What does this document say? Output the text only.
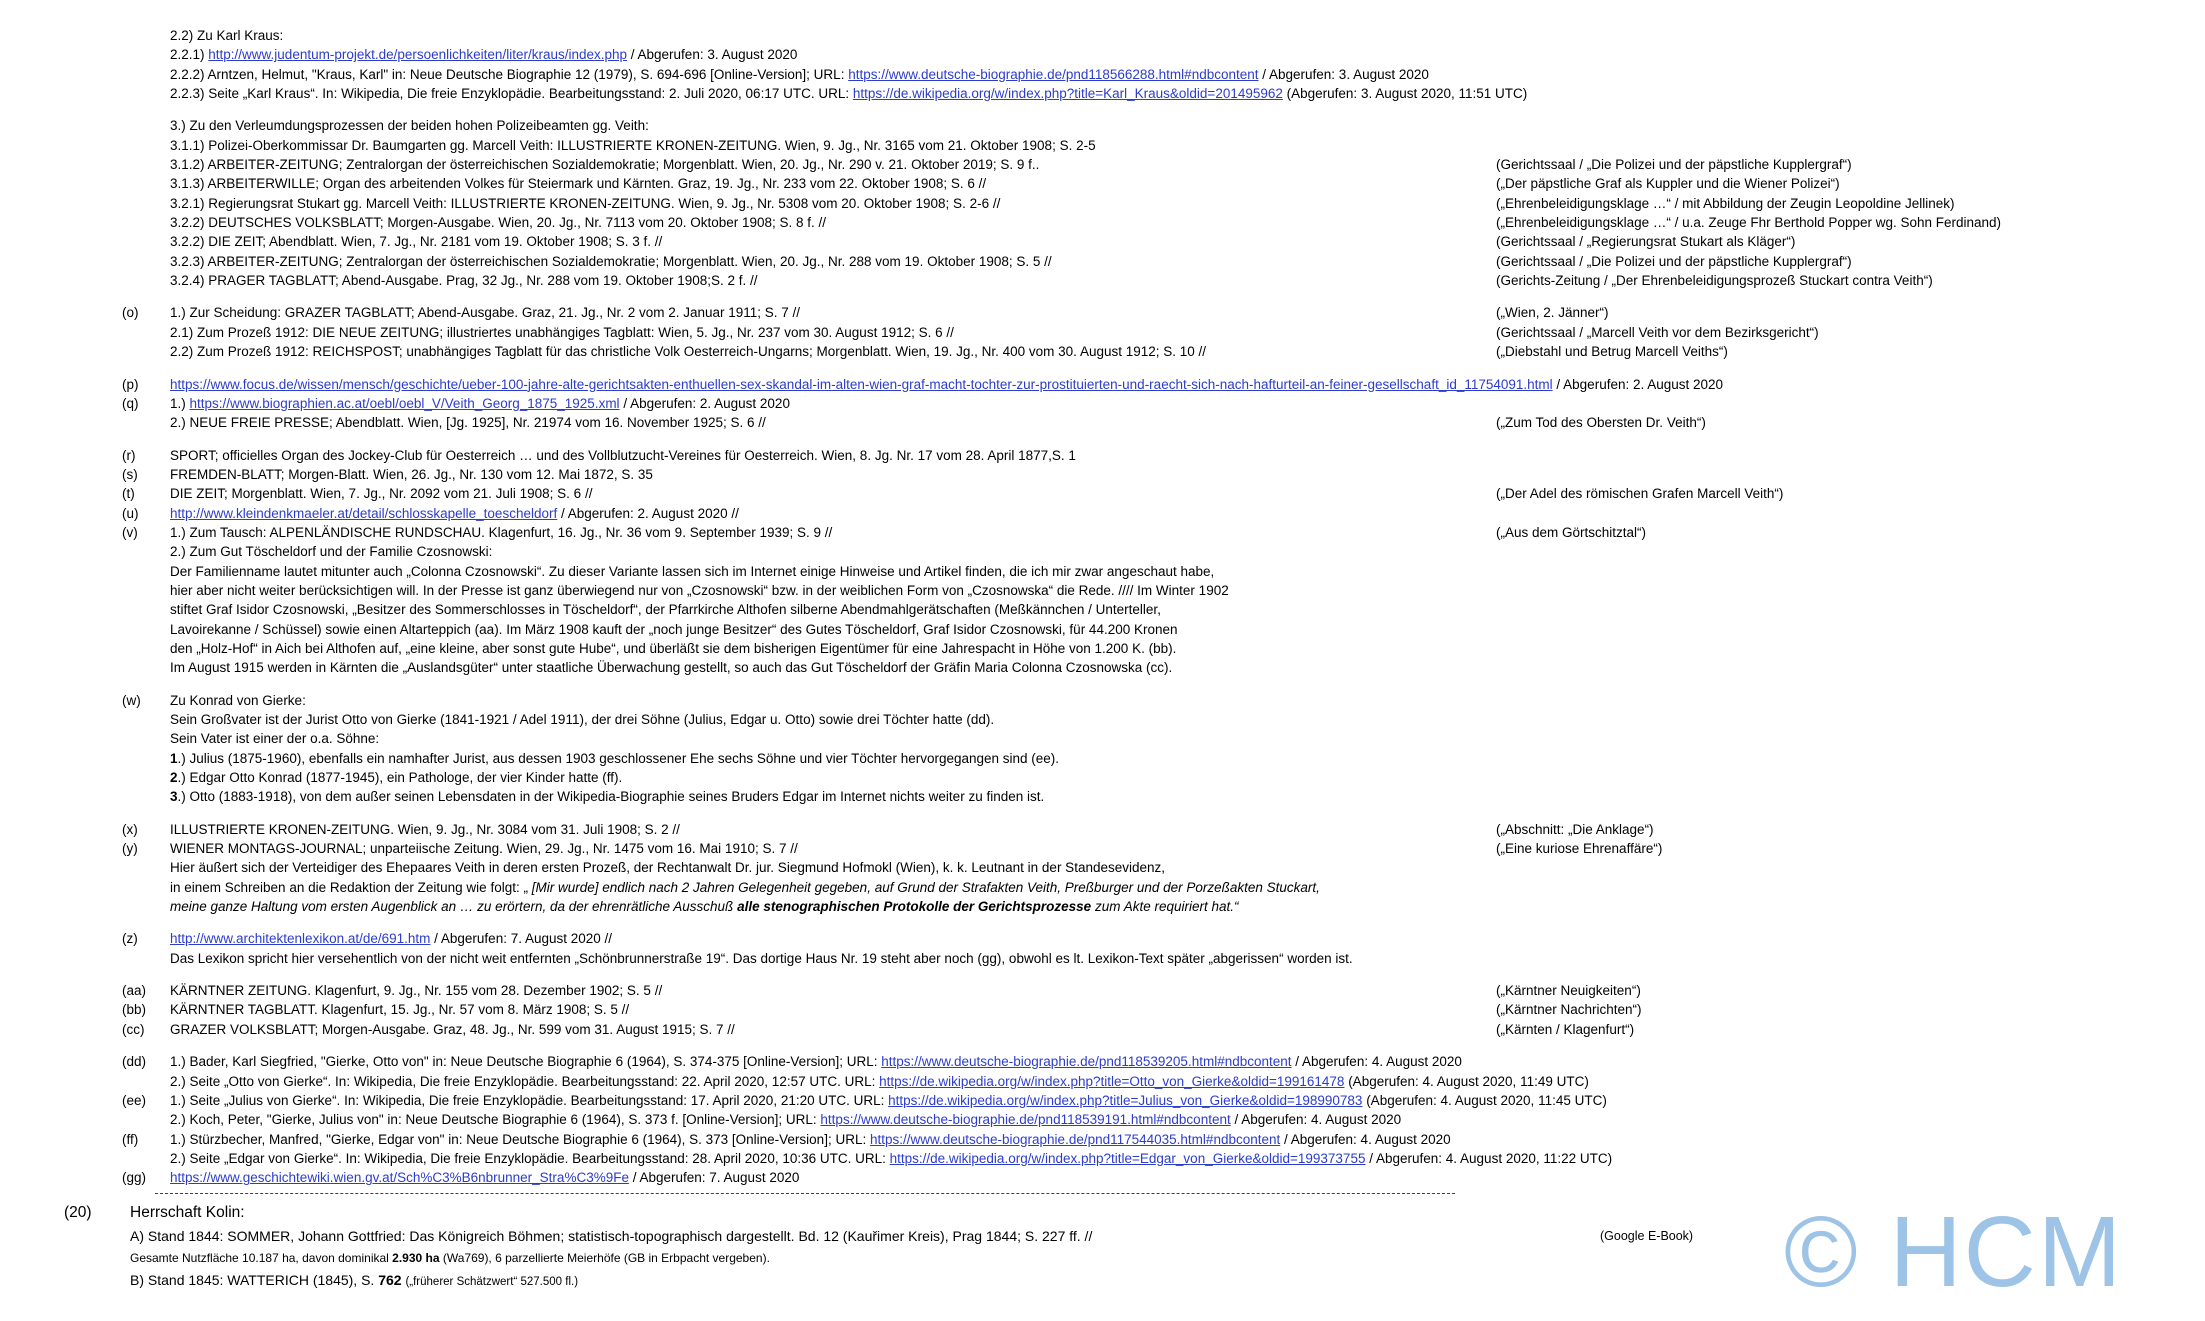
2.2) Zu Karl Kraus:
2.2.1) http://www.judentum-projekt.de/persoenlichkeiten/liter/kraus/index.php / Abgerufen: 3. August 2020
2.2.2) Arntzen, Helmut, "Kraus, Karl" in: Neue Deutsche Biographie 12 (1979), S. 694-696 [Online-Version]; URL: https://www.deutsche-biographie.de/pnd118566288.html#ndbcontent / Abgerufen: 3. August 2020
2.2.3) Seite „Karl Kraus“. In: Wikipedia, Die freie Enzyklopädie. Bearbeitungsstand: 2. Juli 2020, 06:17 UTC. URL: https://de.wikipedia.org/w/index.php?title=Karl_Kraus&oldid=201495962 (Abgerufen: 3. August 2020, 11:51 UTC)
3.) Zu den Verleumdungsprozessen der beiden hohen Polizeibeamten gg. Veith:
3.1.1) Polizei-Oberkommissar Dr. Baumgarten gg. Marcell Veith: ILLUSTRIERTE KRONEN-ZEITUNG. Wien, 9. Jg., Nr. 3165 vom 21. Oktober 1908; S. 2-5
3.1.2) ARBEITER-ZEITUNG; Zentralorgan der österreichischen Sozialdemokratie; Morgenblatt. Wien, 20. Jg., Nr. 290 v. 21. Oktober 2019; S. 9 f..	(Gerichtssaal / „Die Polizei und der päpstliche Kupplergraf“)
3.1.3) ARBEITERWILLE; Organ des arbeitenden Volkes für Steiermark und Kärnten. Graz, 19. Jg., Nr. 233 vom 22. Oktober 1908; S. 6 //	(„Der päpstliche Graf als Kuppler und die Wiener Polizei“)
3.2.1) Regierungsrat Stukart gg. Marcell Veith: ILLUSTRIERTE KRONEN-ZEITUNG. Wien, 9. Jg., Nr. 5308 vom 20. Oktober 1908; S. 2-6 //	(„Ehrenbeleidigungsklage …“ / mit Abbildung der Zeugin Leopoldine Jellinek)
3.2.2) DEUTSCHES VOLKSBLATT; Morgen-Ausgabe. Wien, 20. Jg., Nr. 7113 vom 20. Oktober 1908; S. 8 f. //	(„Ehrenbeleidigungsklage …“ / u.a. Zeuge Fhr Berthold Popper wg. Sohn Ferdinand)
3.2.2) DIE ZEIT; Abendblatt. Wien, 7. Jg., Nr. 2181 vom 19. Oktober 1908; S. 3 f. //	(Gerichtssaal / „Regierungsrat Stukart als Kläger“)
3.2.3) ARBEITER-ZEITUNG; Zentralorgan der österreichischen Sozialdemokratie; Morgenblatt. Wien, 20. Jg., Nr. 288 vom 19. Oktober 1908; S. 5 //	(Gerichtssaal / „Die Polizei und der päpstliche Kupplergraf“)
3.2.4) PRAGER TAGBLATT; Abend-Ausgabe. Prag, 32 Jg., Nr. 288 vom 19. Oktober 1908;S. 2 f. //	(Gerichts-Zeitung / „Der Ehrenbeleidigungsprozeß Stuckart contra Veith“)
(o) 1.) Zur Scheidung: GRAZER TAGBLATT; Abend-Ausgabe. Graz, 21. Jg., Nr. 2 vom 2. Januar 1911; S. 7 //	(„Wien, 2. Jänner“)
2.1) Zum Prozeß 1912: DIE NEUE ZEITUNG; illustriertes unabhängiges Tagblatt: Wien, 5. Jg., Nr. 237 vom 30. August 1912; S. 6 //	(Gerichtssaal / „Marcell Veith vor dem Bezirksgericht“)
2.2) Zum Prozeß 1912: REICHSPOST; unabhängiges Tagblatt für das christliche Volk Oesterreich-Ungarns; Morgenblatt. Wien, 19. Jg., Nr. 400 vom 30. August 1912; S. 10 //	(„Diebstahl und Betrug Marcell Veiths“)
(p) https://www.focus.de/wissen/mensch/geschichte/ueber-100-jahre-alte-gerichtsakten-enthuellen-sex-skandal-im-alten-wien-graf-macht-tochter-zur-prostituierten-und-raecht-sich-nach-hafturteil-an-feiner-gesellschaft_id_11754091.html / Abgerufen: 2. August 2020
(q) 1.) https://www.biographien.ac.at/oebl/oebl_V/Veith_Georg_1875_1925.xml / Abgerufen: 2. August 2020
2.) NEUE FREIE PRESSE; Abendblatt. Wien, [Jg. 1925], Nr. 21974 vom 16. November 1925; S. 6 //	(„Zum Tod des Obersten Dr. Veith“)
(r)	SPORT; officielles Organ des Jockey-Club für Oesterreich … und des Vollblutzucht-Vereines für Oesterreich. Wien, 8. Jg. Nr. 17 vom 28. April 1877,S. 1
(s) FREMDEN-BLATT; Morgen-Blatt. Wien, 26. Jg., Nr. 130 vom 12. Mai 1872, S. 35
(t)	DIE ZEIT; Morgenblatt. Wien, 7. Jg., Nr. 2092 vom 21. Juli 1908; S. 6 //	(„Der Adel des römischen Grafen Marcell Veith“)
(u) http://www.kleindenkmaeler.at/detail/schlosskapelle_toescheldorf / Abgerufen: 2. August 2020 //
(v) 1.) Zum Tausch: ALPENLÄNDISCHE RUNDSCHAU. Klagenfurt, 16. Jg., Nr. 36 vom 9. September 1939; S. 9 //	(„Aus dem Görtschitztal“)
2.) Zum Gut Töscheldorf und der Familie Czosnowski:
Der Familienname lautet mitunter auch „Colonna Czosnowski“. Zu dieser Variante lassen sich im Internet einige Hinweise und Artikel finden, die ich mir zwar angeschaut habe,
hier aber nicht weiter berücksichtigen will. In der Presse ist ganz überwiegend nur von „Czosnowski“ bzw. in der weiblichen Form von „Czosnowska“ die Rede. //// Im Winter 1902
stiftet Graf Isidor Czosnowski, „Besitzer des Sommerschlosses in Töscheldorf“, der Pfarrkirche Althofen silberne Abendmahlgerätschaften (Meßkännchen / Unterteller,
Lavoirekanne / Schüssel) sowie einen Altarteppich (aa). Im März 1908 kauft der „noch junge Besitzer“ des Gutes Töscheldorf, Graf Isidor Czosnowski, für 44.200 Kronen
den „Holz-Hof“ in Aich bei Althofen auf, „eine kleine, aber sonst gute Hube“, und überläßt sie dem bisherigen Eigentümer für eine Jahrespacht in Höhe von 1.200 K. (bb).
Im August 1915 werden in Kärnten die „Auslandsgüter“ unter staatliche Überwachung gestellt, so auch das Gut Töscheldorf der Gräfin Maria Colonna Czosnowska (cc).
(w) Zu Konrad von Gierke:
Sein Großvater ist der Jurist Otto von Gierke (1841-1921 / Adel 1911), der drei Söhne (Julius, Edgar u. Otto) sowie drei Töchter hatte (dd).
Sein Vater ist einer der o.a. Söhne:
1.) Julius (1875-1960), ebenfalls ein namhafter Jurist, aus dessen 1903 geschlossener Ehe sechs Söhne und vier Töchter hervorgegangen sind (ee).
2.) Edgar Otto Konrad (1877-1945), ein Pathologe, der vier Kinder hatte (ff).
3.) Otto (1883-1918), von dem außer seinen Lebensdaten in der Wikipedia-Biographie seines Bruders Edgar im Internet nichts weiter zu finden ist.
(x) ILLUSTRIERTE KRONEN-ZEITUNG. Wien, 9. Jg., Nr. 3084 vom 31. Juli 1908; S. 2 //	(„Abschnitt: „Die Anklage“)
(y) WIENER MONTAGS-JOURNAL; unparteiische Zeitung. Wien, 29. Jg., Nr. 1475 vom 16. Mai 1910; S. 7 //	(„Eine kuriose Ehrenaffäre“)
Hier äußert sich der Verteidiger des Ehepaares Veith in deren ersten Prozeß, der Rechtanwalt Dr. jur. Siegmund Hofmokl (Wien), k. k. Leutnant in der Standesevidenz,
in einem Schreiben an die Redaktion der Zeitung wie folgt: „ [Mir wurde] endlich nach 2 Jahren Gelegenheit gegeben, auf Grund der Strafakten Veith, Preßburger und der Porzeßakten Stuckart,
meine ganze Haltung vom ersten Augenblick an … zu erörtern, da der ehrenrätliche Ausschuß alle stenographischen Protokolle der Gerichtsprozesse zum Akte requiriert hat.“
(z) http://www.architektenlexikon.at/de/691.htm / Abgerufen: 7. August 2020 //
Das Lexikon spricht hier versehentlich von der nicht weit entfernten „Schönbrunnerstraße 19“. Das dortige Haus Nr. 19 steht aber noch (gg), obwohl es lt. Lexikon-Text später „abgerissen“ worden ist.
(aa) KÄRNTNER ZEITUNG. Klagenfurt, 9. Jg., Nr. 155 vom 28. Dezember 1902; S. 5 //	(„Kärntner Neuigkeiten“)
(bb) KÄRNTNER TAGBLATT. Klagenfurt, 15. Jg., Nr. 57 vom 8. März 1908; S. 5 //	(„Kärntner Nachrichten“)
(cc) GRAZER VOLKSBLATT; Morgen-Ausgabe. Graz, 48. Jg., Nr. 599 vom 31. August 1915; S. 7 //	(„Kärnten / Klagenfurt“)
(dd) 1.) Bader, Karl Siegfried, "Gierke, Otto von" in: Neue Deutsche Biographie 6 (1964), S. 374-375 [Online-Version]; URL: https://www.deutsche-biographie.de/pnd118539205.html#ndbcontent / Abgerufen: 4. August 2020
2.) Seite „Otto von Gierke“. In: Wikipedia, Die freie Enzyklopädie. Bearbeitungsstand: 22. April 2020, 12:57 UTC. URL: https://de.wikipedia.org/w/index.php?title=Otto_von_Gierke&oldid=199161478 (Abgerufen: 4. August 2020, 11:49 UTC)
(ee) 1.) Seite „Julius von Gierke“. In: Wikipedia, Die freie Enzyklopädie. Bearbeitungsstand: 17. April 2020, 21:20 UTC. URL: https://de.wikipedia.org/w/index.php?title=Julius_von_Gierke&oldid=198990783 (Abgerufen: 4. August 2020, 11:45 UTC)
2.) Koch, Peter, "Gierke, Julius von" in: Neue Deutsche Biographie 6 (1964), S. 373 f. [Online-Version]; URL: https://www.deutsche-biographie.de/pnd118539191.html#ndbcontent / Abgerufen: 4. August 2020
(ff) 1.) Stürzbecher, Manfred, "Gierke, Edgar von" in: Neue Deutsche Biographie 6 (1964), S. 373 [Online-Version]; URL: https://www.deutsche-biographie.de/pnd117544035.html#ndbcontent / Abgerufen: 4. August 2020
2.) Seite „Edgar von Gierke“. In: Wikipedia, Die freie Enzyklopädie. Bearbeitungsstand: 28. April 2020, 10:36 UTC. URL: https://de.wikipedia.org/w/index.php?title=Edgar_von_Gierke&oldid=199373755 / Abgerufen: 4. August 2020, 11:22 UTC)
(gg) https://www.geschichtewiki.wien.gv.at/Sch%C3%B6nbrunner_Stra%C3%9Fe / Abgerufen: 7. August 2020
(20) Herrschaft Kolin:
A) Stand 1844: SOMMER, Johann Gottfried: Das Königreich Böhmen; statistisch-topographisch dargestellt. Bd. 12 (Kauřimer Kreis), Prag 1844; S. 227 ff. //	(Google E-Book)
Gesamte Nutzfläche 10.187 ha, davon dominikal 2.930 ha (Wa769), 6 parzellierte Meierhöfe (GB in Erbpacht vergeben).
B) Stand 1845: WATTERICH (1845), S. 762 („früherer Schätzwert“ 527.500 fl.)	© HCM
